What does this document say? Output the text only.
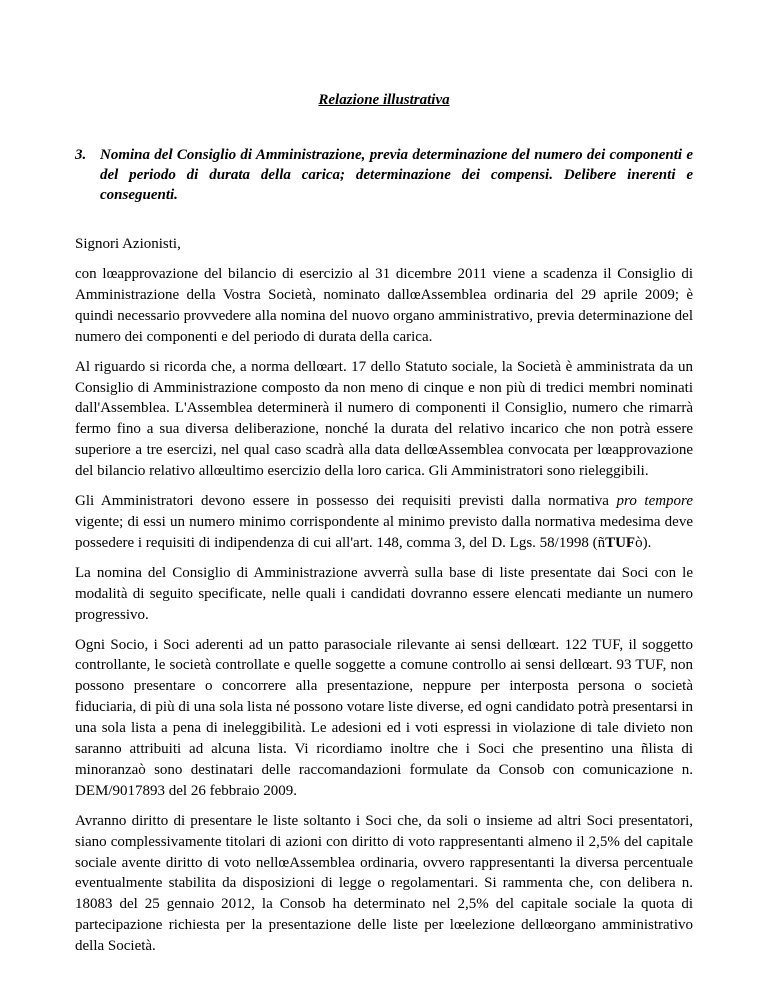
Relazione illustrativa
3. Nomina del Consiglio di Amministrazione, previa determinazione del numero dei componenti e del periodo di durata della carica; determinazione dei compensi. Delibere inerenti e conseguenti.
Signori Azionisti,

con lœapprovazione del bilancio di esercizio al 31 dicembre 2011 viene a scadenza il Consiglio di Amministrazione della Vostra Società, nominato dallœAssemblea ordinaria del 29 aprile 2009; è quindi necessario provvedere alla nomina del nuovo organo amministrativo, previa determinazione del numero dei componenti e del periodo di durata della carica.

Al riguardo si ricorda che, a norma dellœart. 17 dello Statuto sociale, la Società è amministrata da un Consiglio di Amministrazione composto da non meno di cinque e non più di tredici membri nominati dall'Assemblea. L'Assemblea determinerà il numero di componenti il Consiglio, numero che rimarrà fermo fino a sua diversa deliberazione, nonché la durata del relativo incarico che non potrà essere superiore a tre esercizi, nel qual caso scadrà alla data dellœAssemblea convocata per lœapprovazione del bilancio relativo allœultimo esercizio della loro carica. Gli Amministratori sono rieleggibili.

Gli Amministratori devono essere in possesso dei requisiti previsti dalla normativa pro tempore vigente; di essi un numero minimo corrispondente al minimo previsto dalla normativa medesima deve possedere i requisiti di indipendenza di cui all'art. 148, comma 3, del D. Lgs. 58/1998 (ñTUFò).

La nomina del Consiglio di Amministrazione avverrà sulla base di liste presentate dai Soci con le modalità di seguito specificate, nelle quali i candidati dovranno essere elencati mediante un numero progressivo.

Ogni Socio, i Soci aderenti ad un patto parasociale rilevante ai sensi dellœart. 122 TUF, il soggetto controllante, le società controllate e quelle soggette a comune controllo ai sensi dellœart. 93 TUF, non possono presentare o concorrere alla presentazione, neppure per interposta persona o società fiduciaria, di più di una sola lista né possono votare liste diverse, ed ogni candidato potrà presentarsi in una sola lista a pena di ineleggibilità. Le adesioni ed i voti espressi in violazione di tale divieto non saranno attribuiti ad alcuna lista. Vi ricordiamo inoltre che i Soci che presentino una ñlista di minoranzaò sono destinatari delle raccomandazioni formulate da Consob con comunicazione n. DEM/9017893 del 26 febbraio 2009.

Avranno diritto di presentare le liste soltanto i Soci che, da soli o insieme ad altri Soci presentatori, siano complessivamente titolari di azioni con diritto di voto rappresentanti almeno il 2,5% del capitale sociale avente diritto di voto nellœAssemblea ordinaria, ovvero rappresentanti la diversa percentuale eventualmente stabilita da disposizioni di legge o regolamentari. Si rammenta che, con delibera n. 18083 del 25 gennaio 2012, la Consob ha determinato nel 2,5% del capitale sociale la quota di partecipazione richiesta per la presentazione delle liste per lœelezione dellœorgano amministrativo della Società.
